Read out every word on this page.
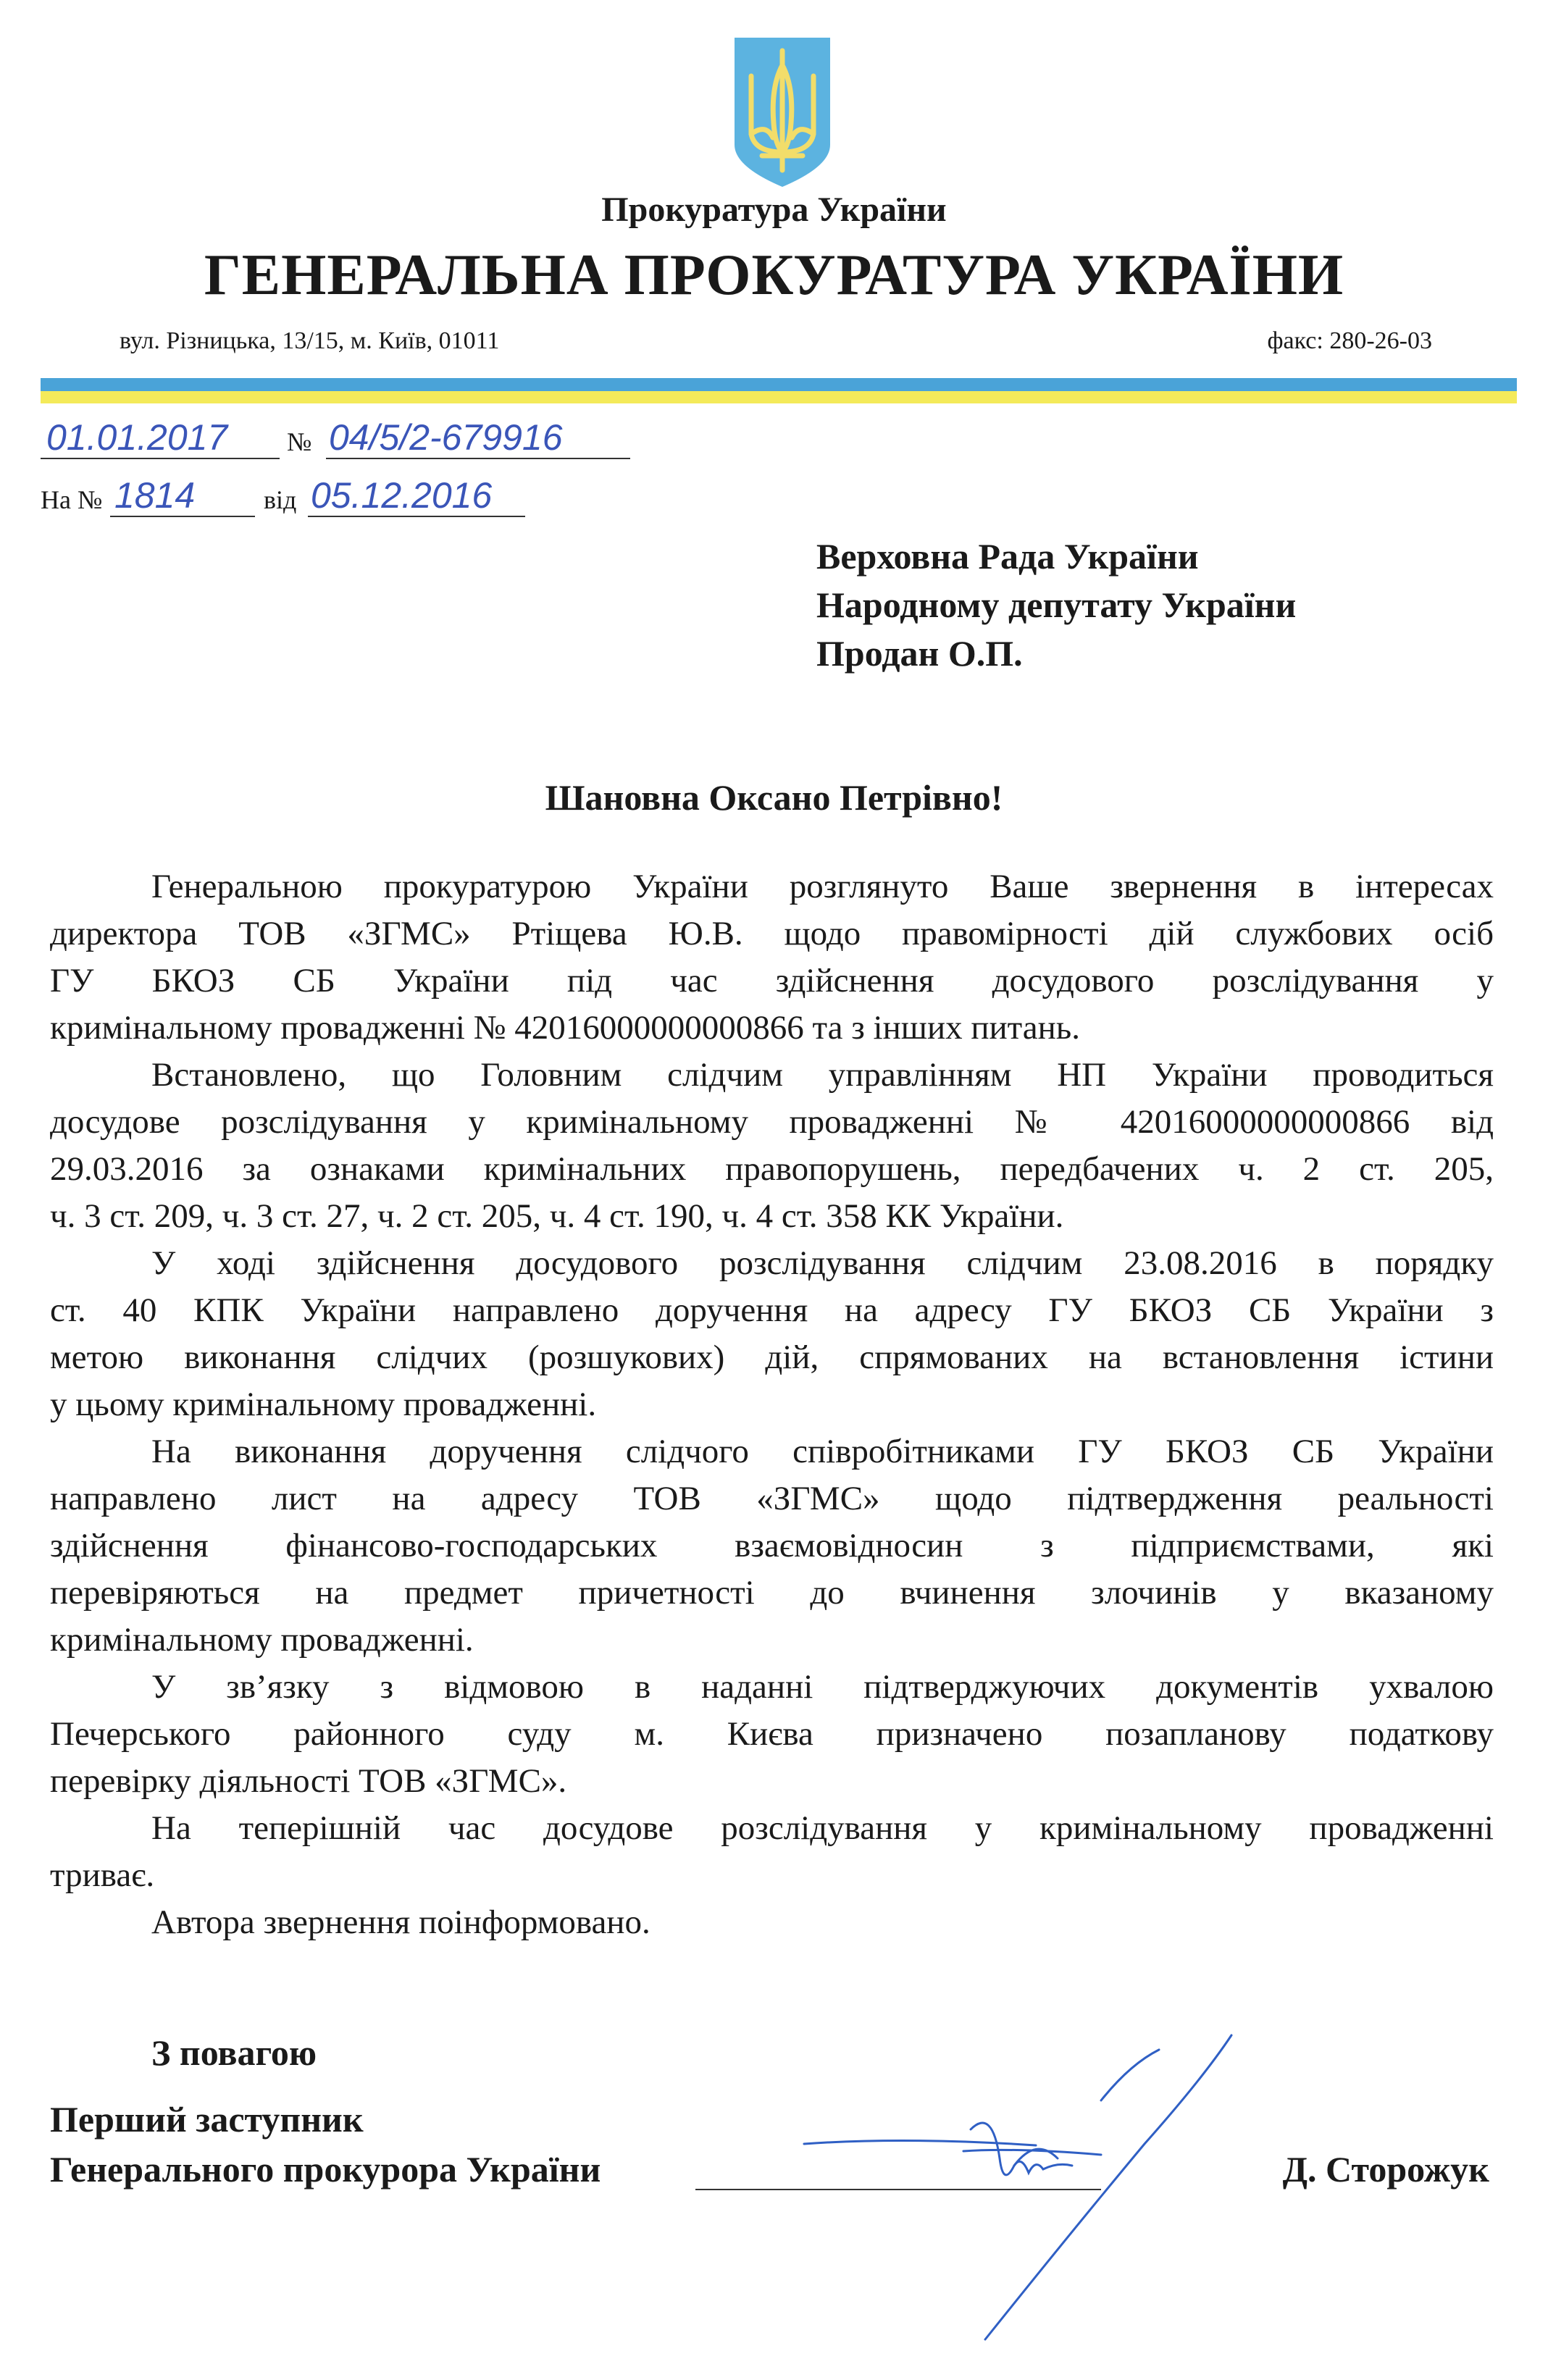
Прокуратура України
ГЕНЕРАЛЬНА ПРОКУРАТУРА УКРАЇНИ
вул. Різницька, 13/15, м. Київ, 01011	факс: 280-26-03
01.01.2017 № 04/5/2-679916
На № 1814	від 05.12.2016
Верховна Рада України
Народному депутату України
Продан О.П.
Шановна Оксано Петрівно!
Генеральною прокуратурою України розглянуто Ваше звернення в інтересах
директора ТОВ «ЗГМС» Ртіщева Ю.В. щодо правомірності дій службових осіб
ГУ БКОЗ СБ України під час здійснення досудового розслідування у
кримінальному провадженні № 42016000000000866 та з інших питань.
Встановлено, що Головним слідчим управлінням НП України проводиться
досудове розслідування у кримінальному провадженні № 42016000000000866 від
29.03.2016 за ознаками кримінальних правопорушень, передбачених ч. 2 ст. 205,
ч. 3 ст. 209, ч. 3 ст. 27, ч. 2 ст. 205, ч. 4 ст. 190, ч. 4 ст. 358 КК України.
У ході здійснення досудового розслідування слідчим 23.08.2016 в порядку
ст. 40 КПК України направлено доручення на адресу ГУ БКОЗ СБ України з
метою виконання слідчих (розшукових) дій, спрямованих на встановлення істини
у цьому кримінальному провадженні.
На виконання доручення слідчого співробітниками ГУ БКОЗ СБ України
направлено лист на адресу ТОВ «ЗГМС» щодо підтвердження реальності
здійснення фінансово-господарських взаємовідносин з підприємствами, які
перевіряються на предмет причетності до вчинення злочинів у вказаному
кримінальному провадженні.
У зв’язку з відмовою в наданні підтверджуючих документів ухвалою
Печерського районного суду м. Києва призначено позапланову податкову
перевірку діяльності ТОВ «ЗГМС».
На теперішній час досудове розслідування у кримінальному провадженні
триває.
Автора звернення поінформовано.
З повагою
Перший заступник
Генерального прокурора України	Д. Сторожук
